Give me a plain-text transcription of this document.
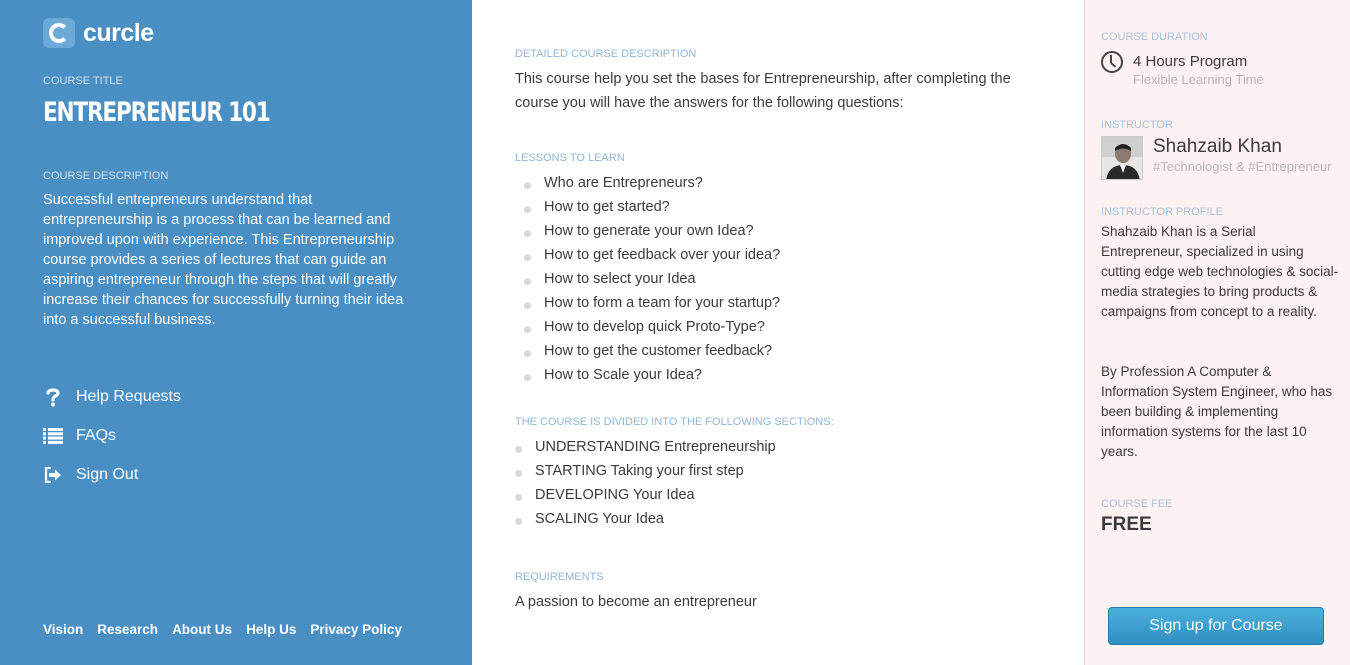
curcle
COURSE TITLE
ENTREPRENEUR 101
COURSE DESCRIPTION
Successful entrepreneurs understand that entrepreneurship is a process that can be learned and improved upon with experience. This Entrepreneurship course provides a series of lectures that can guide an aspiring entrepreneur through the steps that will greatly increase their chances for successfully turning their idea into a successful business.
Help Requests
FAQs
Sign Out
Vision Research About Us Help Us Privacy Policy
DETAILED COURSE DESCRIPTION
This course help you set the bases for Entrepreneurship, after completing the course you will have the answers for the following questions:
LESSONS TO LEARN
Who are Entrepreneurs?
How to get started?
How to generate your own Idea?
How to get feedback over your idea?
How to select your Idea
How to form a team for your startup?
How to develop quick Proto-Type?
How to get the customer feedback?
How to Scale your Idea?
THE COURSE IS DIVIDED INTO THE FOLLOWING SECTIONS:
UNDERSTANDING Entrepreneurship
STARTING Taking your first step
DEVELOPING Your Idea
SCALING Your Idea
REQUIREMENTS
A passion to become an entrepreneur
COURSE DURATION
4 Hours Program
Flexible Learning Time
INSTRUCTOR
Shahzaib Khan
#Technologist & #Entrepreneur
INSTRUCTOR PROFILE
Shahzaib Khan is a Serial Entrepreneur, specialized in using cutting edge web technologies & social-media strategies to bring products & campaigns from concept to a reality.
By Profession A Computer & Information System Engineer, who has been building & implementing information systems for the last 10 years.
COURSE FEE
FREE
Sign up for Course
